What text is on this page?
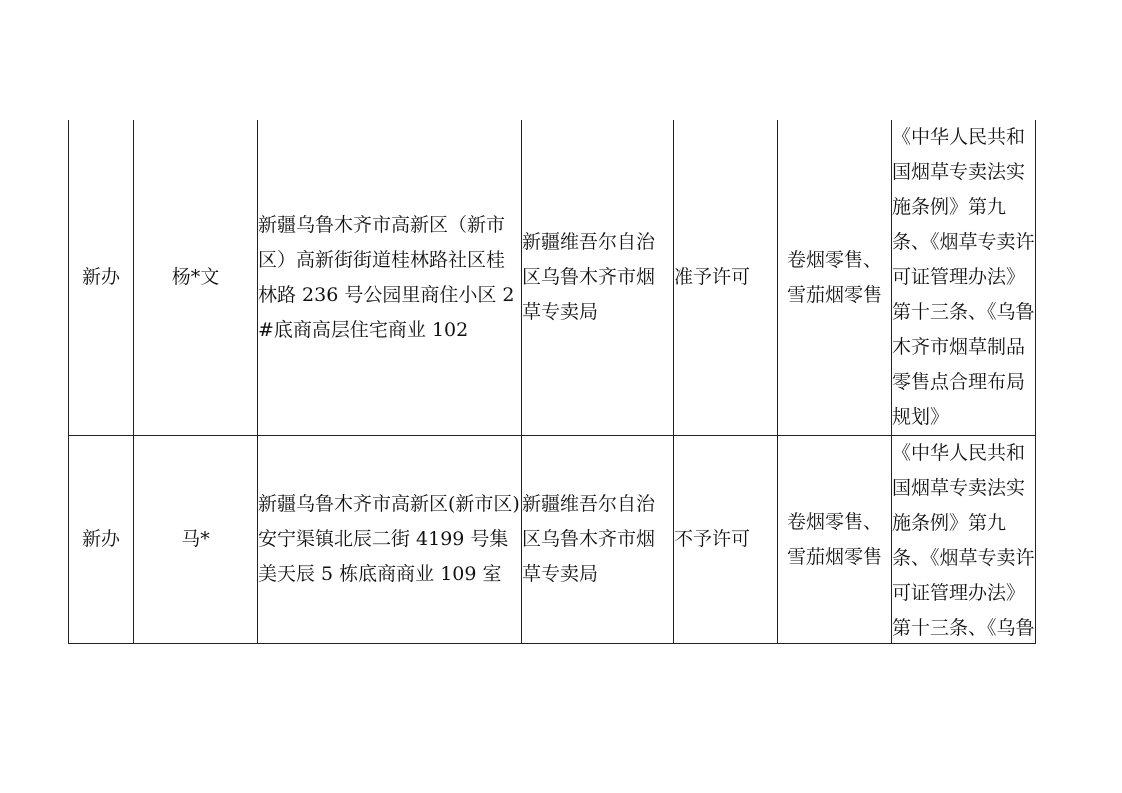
新办	杨*文	新疆乌鲁木齐市高新区（新市区）高新街街道桂林路社区桂林路 236 号公园里商住小区 2#底商高层住宅商业 102	新疆维吾尔自治区乌鲁木齐市烟草专卖局	准予许可	卷烟零售、雪茄烟零售	《中华人民共和国烟草专卖法实施条例》第九条、《烟草专卖许可证管理办法》第十三条、《乌鲁木齐市烟草制品零售点合理布局规划》

新办	马*	新疆乌鲁木齐市高新区(新市区)安宁渠镇北辰二街 4199 号集美天辰 5 栋底商商业 109 室	新疆维吾尔自治区乌鲁木齐市烟草专卖局	不予许可	卷烟零售、雪茄烟零售	《中华人民共和国烟草专卖法实施条例》第九条、《烟草专卖许可证管理办法》第十三条、《乌鲁
